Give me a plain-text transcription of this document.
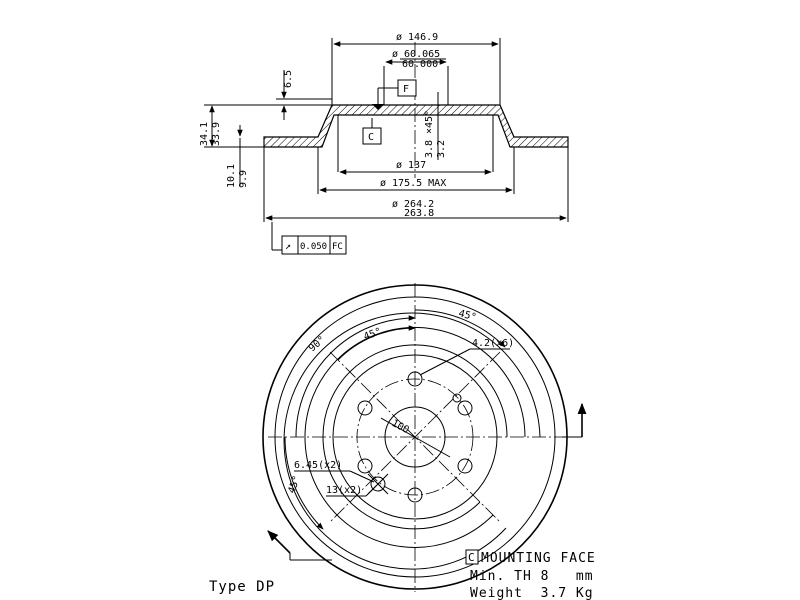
ø 146.9
ø 60.065
60.000
F
C
6.5
34.1 33.9
3.8
×45°
3.2
ø 137
10.1 9.9	ø 175.5 MAX
ø 264.2
263.8
↗ 0.050 FC
90°	45°
45°
45°
4.2(x6)
100
6.45(x2)
13(x2)
Type DP
C MOUNTING FACE
Min. TH 8   mm
Weight  3.7 Kg
